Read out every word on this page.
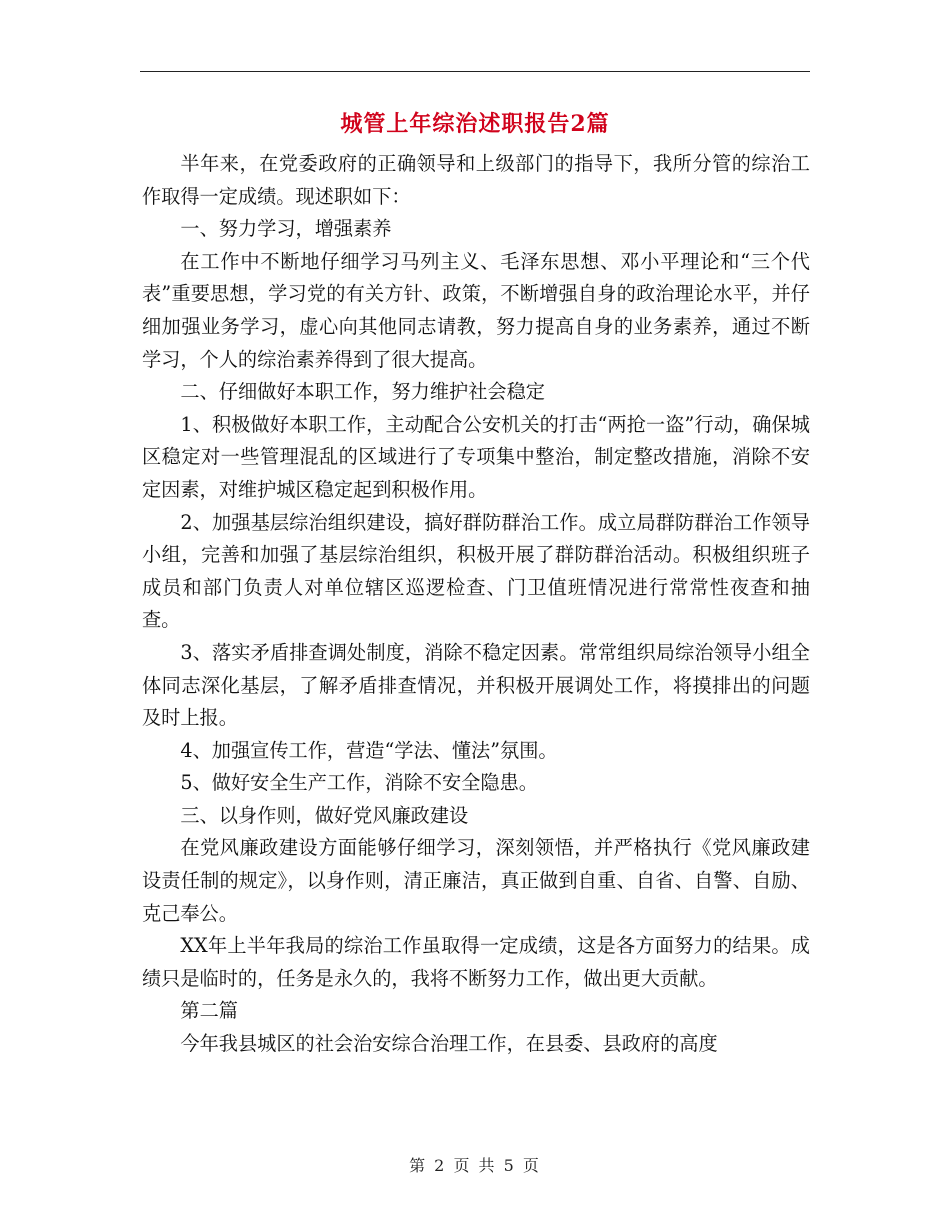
城管上年综治述职报告2篇

半年来，在党委政府的正确领导和上级部门的指导下，我所分管的综治工作取得一定成绩。现述职如下：

一、努力学习，增强素养

在工作中不断地仔细学习马列主义、毛泽东思想、邓小平理论和“三个代表”重要思想，学习党的有关方针、政策，不断增强自身的政治理论水平，并仔细加强业务学习，虚心向其他同志请教，努力提高自身的业务素养，通过不断学习，个人的综治素养得到了很大提高。

二、仔细做好本职工作，努力维护社会稳定

1、积极做好本职工作，主动配合公安机关的打击“两抢一盗”行动，确保城区稳定对一些管理混乱的区域进行了专项集中整治，制定整改措施，消除不安定因素，对维护城区稳定起到积极作用。

2、加强基层综治组织建设，搞好群防群治工作。成立局群防群治工作领导小组，完善和加强了基层综治组织，积极开展了群防群治活动。积极组织班子成员和部门负责人对单位辖区巡逻检查、门卫值班情况进行常常性夜查和抽查。

3、落实矛盾排查调处制度，消除不稳定因素。常常组织局综治领导小组全体同志深化基层，了解矛盾排查情况，并积极开展调处工作，将摸排出的问题及时上报。

4、加强宣传工作，营造“学法、懂法”氛围。

5、做好安全生产工作，消除不安全隐患。

三、以身作则，做好党风廉政建设

在党风廉政建设方面能够仔细学习，深刻领悟，并严格执行《党风廉政建设责任制的规定》，以身作则，清正廉洁，真正做到自重、自省、自警、自励、克己奉公。

XX年上半年我局的综治工作虽取得一定成绩，这是各方面努力的结果。成绩只是临时的，任务是永久的，我将不断努力工作，做出更大贡献。

第二篇

今年我县城区的社会治安综合治理工作，在县委、县政府的高度

第 2 页 共 5 页
